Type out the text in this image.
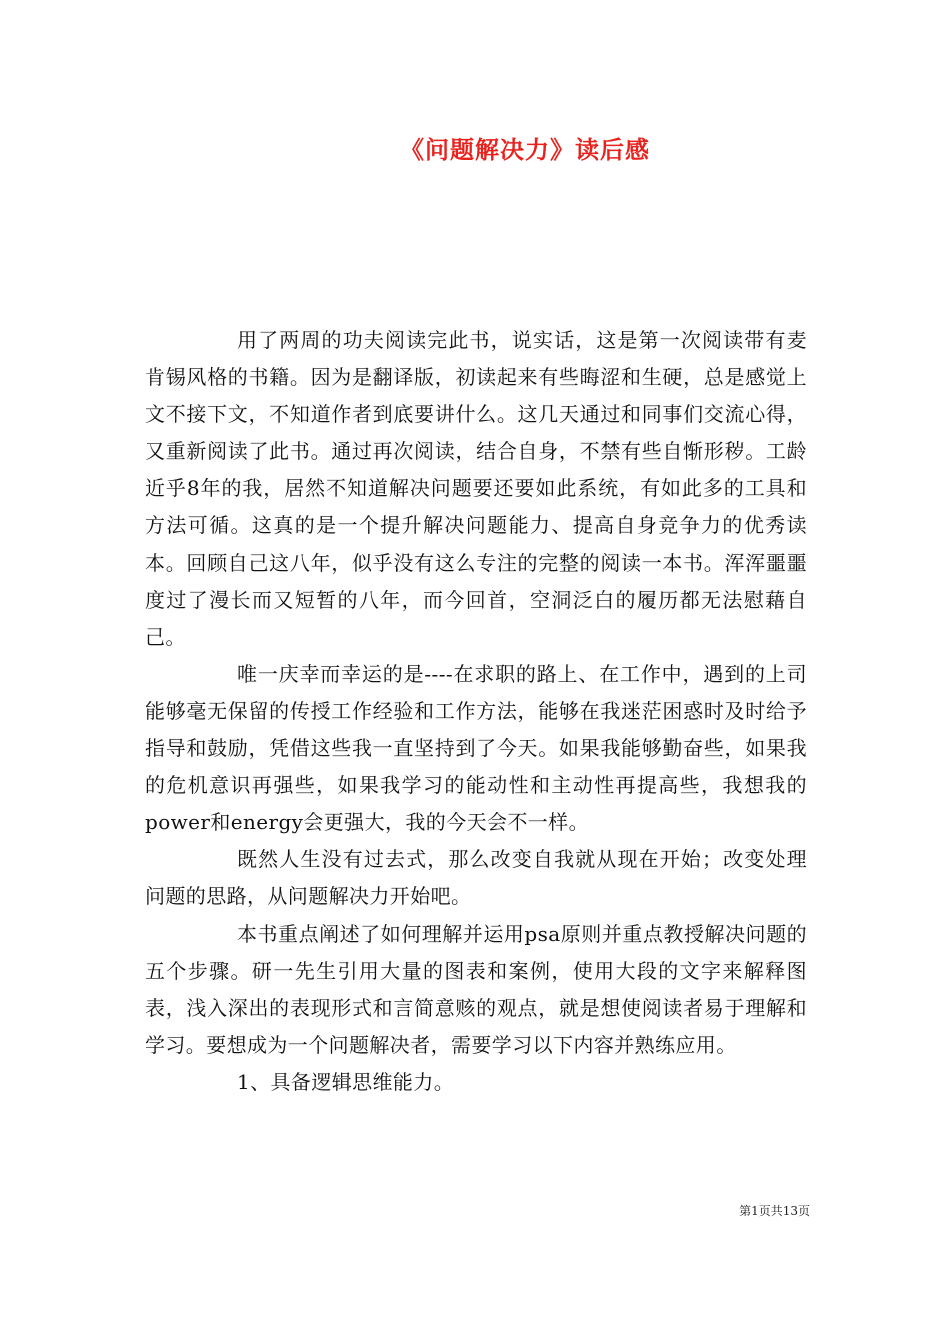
《问题解决力》读后感

用了两周的功夫阅读完此书，说实话，这是第一次阅读带有麦肯锡风格的书籍。因为是翻译版，初读起来有些晦涩和生硬，总是感觉上文不接下文，不知道作者到底要讲什么。这几天通过和同事们交流心得，又重新阅读了此书。通过再次阅读，结合自身，不禁有些自惭形秽。工龄近乎8年的我，居然不知道解决问题要还要如此系统，有如此多的工具和方法可循。这真的是一个提升解决问题能力、提高自身竞争力的优秀读本。回顾自己这八年，似乎没有这么专注的完整的阅读一本书。浑浑噩噩度过了漫长而又短暂的八年，而今回首，空洞泛白的履历都无法慰藉自己。

唯一庆幸而幸运的是----在求职的路上、在工作中，遇到的上司能够毫无保留的传授工作经验和工作方法，能够在我迷茫困惑时及时给予指导和鼓励，凭借这些我一直坚持到了今天。如果我能够勤奋些，如果我的危机意识再强些，如果我学习的能动性和主动性再提高些，我想我的power和energy会更强大，我的今天会不一样。

既然人生没有过去式，那么改变自我就从现在开始；改变处理问题的思路，从问题解决力开始吧。

本书重点阐述了如何理解并运用psa原则并重点教授解决问题的五个步骤。研一先生引用大量的图表和案例，使用大段的文字来解释图表，浅入深出的表现形式和言简意赅的观点，就是想使阅读者易于理解和学习。要想成为一个问题解决者，需要学习以下内容并熟练应用。

1、具备逻辑思维能力。

第1页共13页
